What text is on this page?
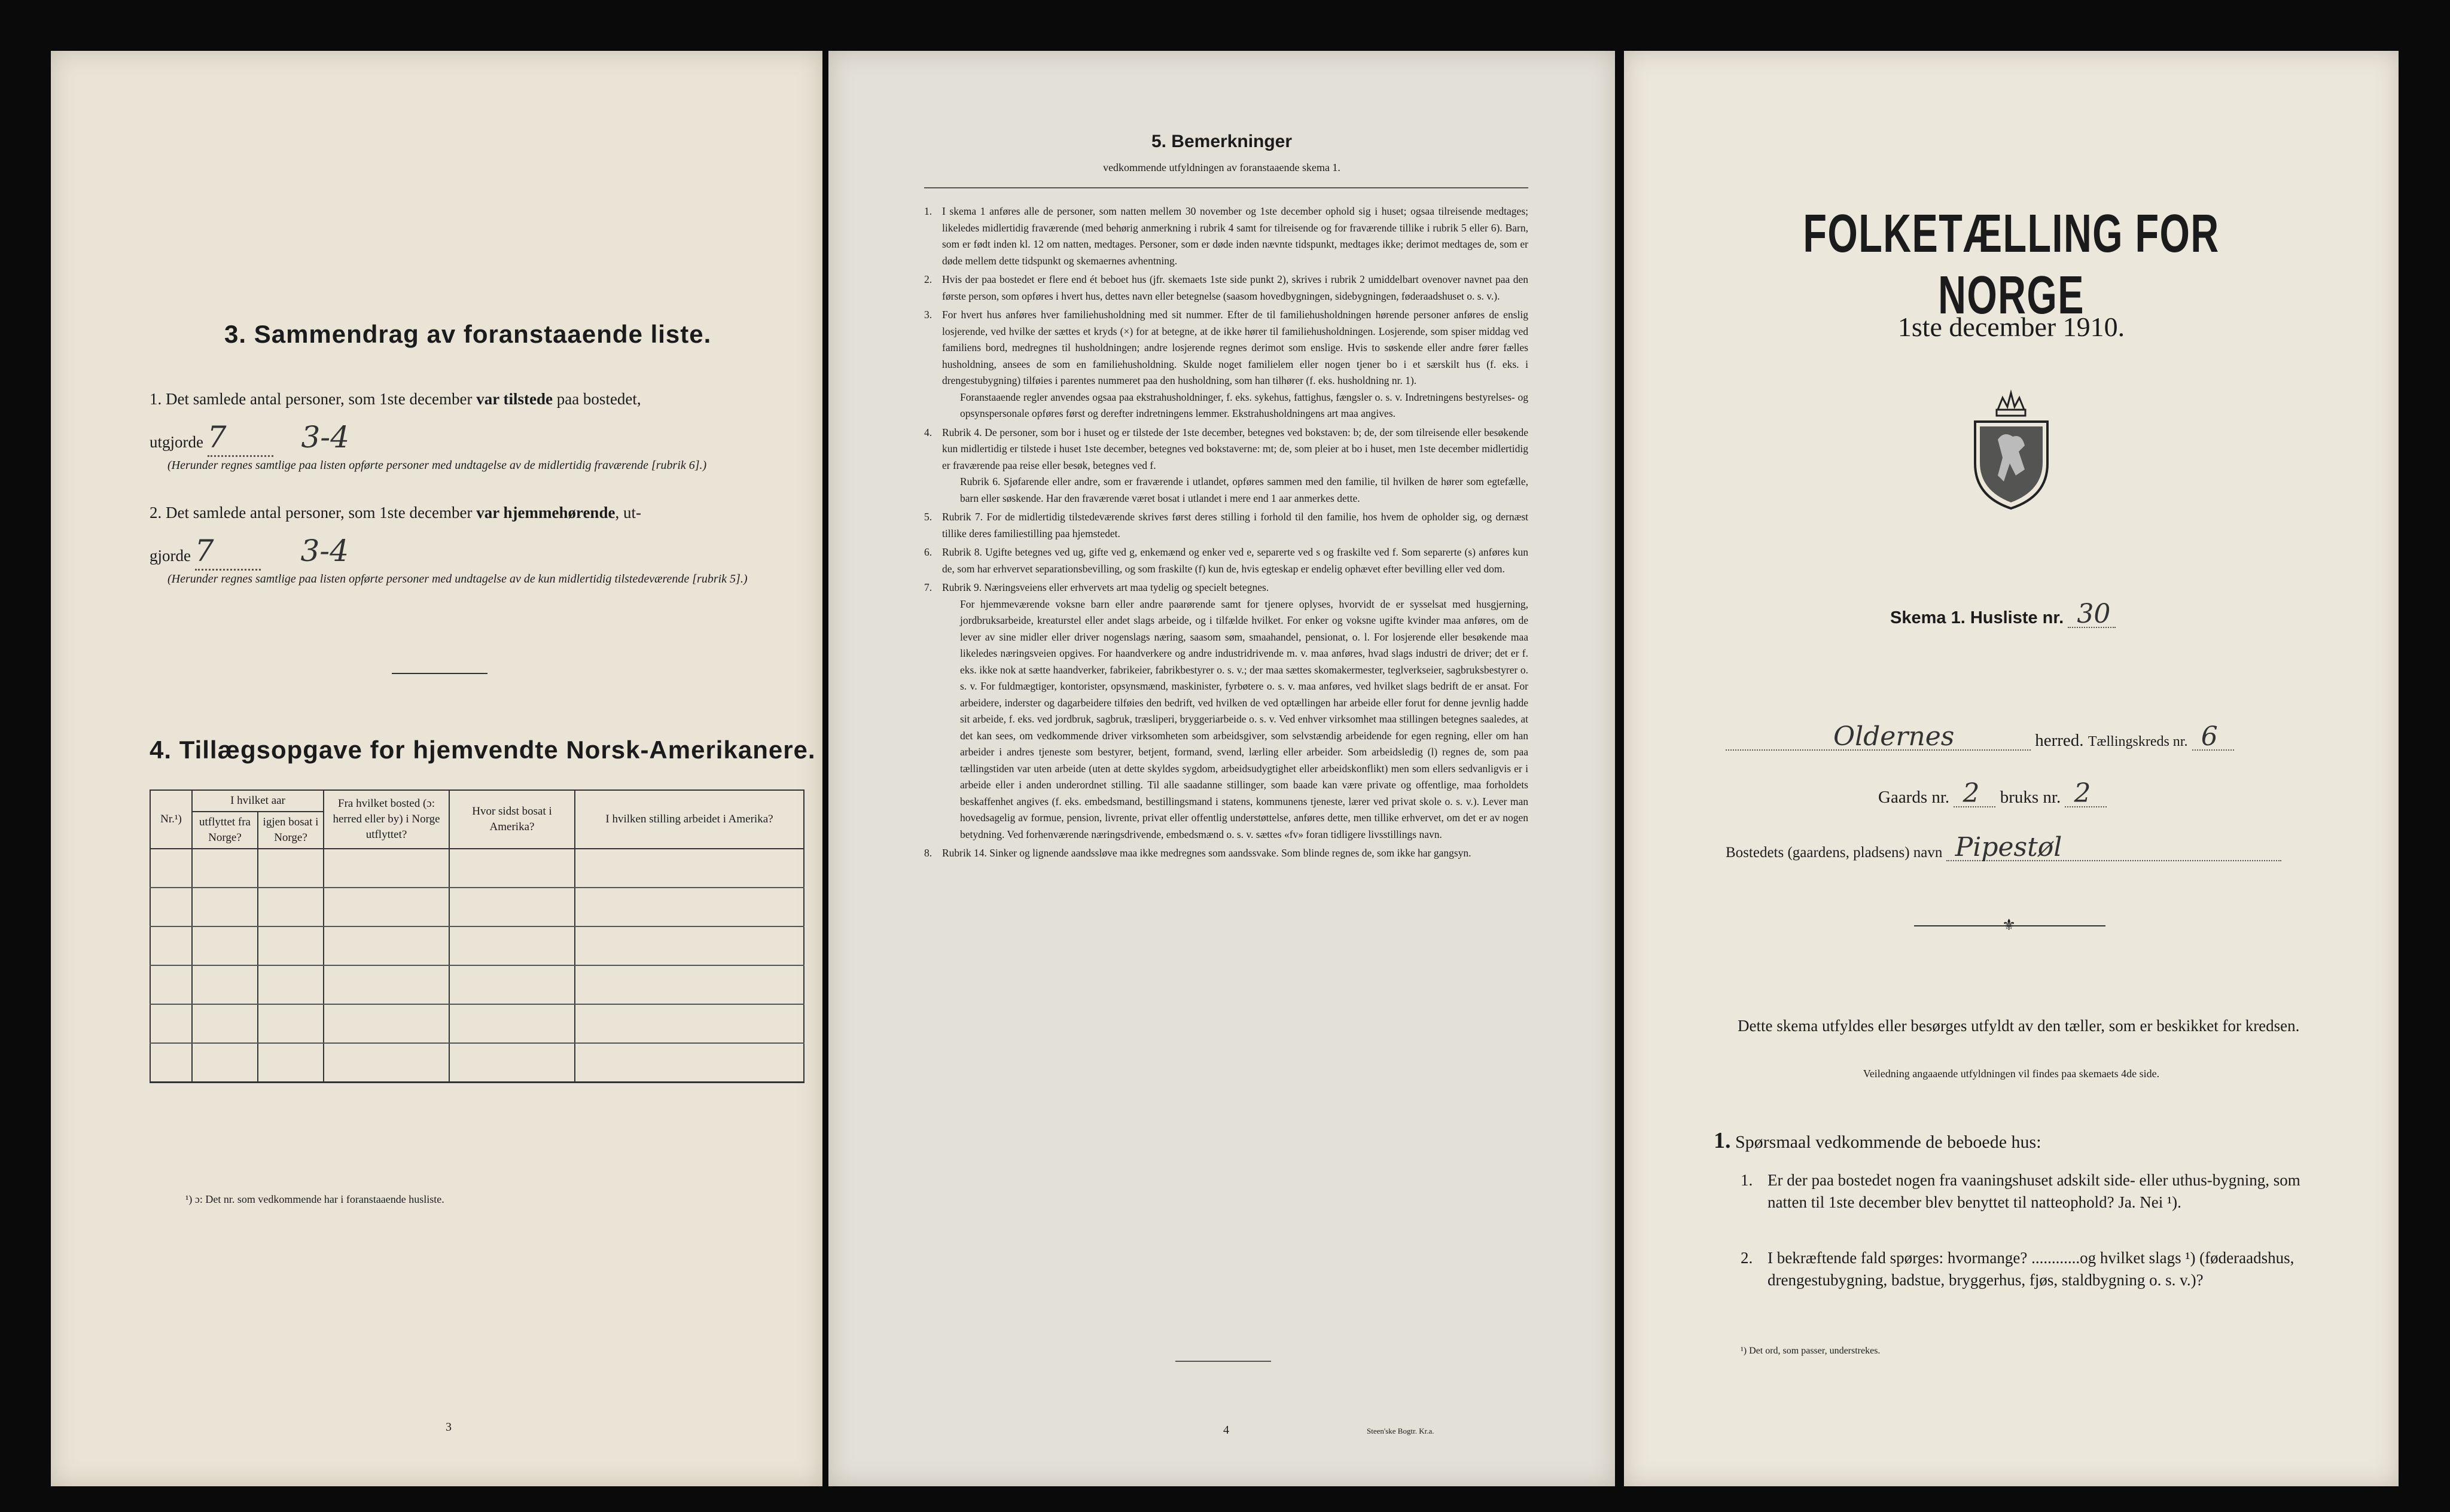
3. Sammendrag av foranstaaende liste.
1. Det samlede antal personer, som 1ste december var tilstede paa bostedet,
utgjorde 7 3-4
(Herunder regnes samtlige paa listen opførte personer med undtagelse av de midlertidig fraværende [rubrik 6].)
2. Det samlede antal personer, som 1ste december var hjemmehørende, ut-
gjorde 7	3-4
(Herunder regnes samtlige paa listen opførte personer med undtagelse av de kun midlertidig tilstedeværende [rubrik 5].)
4. Tillægsopgave for hjemvendte Norsk-Amerikanere.
Nr.¹)	I hvilket aar		Fra hvilket bosted (ɔ: herred eller by) i Norge utflyttet?	Hvor sidst bosat i Amerika?	I hvilken stilling arbeidet i Amerika?
	utflyttet fra Norge?	igjen bosat i Norge?			

¹) ɔ: Det nr. som vedkommende har i foranstaaende husliste.
3
5. Bemerkninger
vedkommende utfyldningen av foranstaaende skema 1.
1. I skema 1 anføres alle de personer, som natten mellem 30 november og 1ste december ophold sig i huset; ogsaa tilreisende medtages; likeledes midlertidig fraværende (med behørig anmerkning i rubrik 4 samt for tilreisende og for fraværende tillike i rubrik 5 eller 6). Barn, som er født inden kl. 12 om natten, medtages. Personer, som er døde inden nævnte tidspunkt, medtages ikke; derimot medtages de, som er døde mellem dette tidspunkt og skemaernes avhentning.
2. Hvis der paa bostedet er flere end ét beboet hus (jfr. skemaets 1ste side punkt 2), skrives i rubrik 2 umiddelbart ovenover navnet paa den første person, som opføres i hvert hus, dettes navn eller betegnelse (saasom hovedbygningen, sidebygningen, føderaadshuset o. s. v.).
3. For hvert hus anføres hver familiehusholdning med sit nummer. Efter de til familiehusholdningen hørende personer anføres de enslig losjerende, ved hvilke der sættes et kryds (×) for at betegne, at de ikke hører til familiehusholdningen. Losjerende, som spiser middag ved familiens bord, medregnes til husholdningen; andre losjerende regnes derimot som enslige. Hvis to søskende eller andre fører fælles husholdning, ansees de som en familiehusholdning. Skulde noget familielem eller nogen tjener bo i et særskilt hus (f. eks. i drengestubygning) tilføies i parentes nummeret paa den husholdning, som han tilhører (f. eks. husholdning nr. 1).
Foranstaaende regler anvendes ogsaa paa ekstrahusholdninger, f. eks. sykehus, fattighus, fængsler o. s. v. Indretningens bestyrelses- og opsynspersonale opføres først og derefter indretningens lemmer. Ekstrahusholdningens art maa angives.
4. Rubrik 4. De personer, som bor i huset og er tilstede der 1ste december, betegnes ved bokstaven: b; de, der som tilreisende eller besøkende kun midlertidig er tilstede i huset 1ste december, betegnes ved bokstaverne: mt; de, som pleier at bo i huset, men 1ste december midlertidig er fraværende paa reise eller besøk, betegnes ved f.
Rubrik 6. Sjøfarende eller andre, som er fraværende i utlandet, opføres sammen med den familie, til hvilken de hører som egtefælle, barn eller søskende. Har den fraværende været bosat i utlandet i mere end 1 aar anmerkes dette.
5. Rubrik 7. For de midlertidig tilstedeværende skrives først deres stilling i forhold til den familie, hos hvem de opholder sig, og dernæst tillike deres familiestilling paa hjemstedet.
6. Rubrik 8. Ugifte betegnes ved ug, gifte ved g, enkemænd og enker ved e, separerte ved s og fraskilte ved f. Som separerte (s) anføres kun de, som har erhvervet separationsbevilling, og som fraskilte (f) kun de, hvis egteskap er endelig ophævet efter bevilling eller ved dom.
7. Rubrik 9. Næringsveiens eller erhvervets art maa tydelig og specielt betegnes.
For hjemmeværende voksne barn eller andre paarørende samt for tjenere oplyses, hvorvidt de er sysselsat med husgjerning, jordbruksarbeide, kreaturstel eller andet slags arbeide, og i tilfælde hvilket. For enker og voksne ugifte kvinder maa anføres, om de lever av sine midler eller driver nogenslags næring, saasom søm, smaahandel, pensionat, o. l. For losjerende eller besøkende maa likeledes næringsveien opgives. For haandverkere og andre industridrivende m. v. maa anføres, hvad slags industri de driver; det er f. eks. ikke nok at sætte haandverker, fabrikeier, fabrikbestyrer o. s. v.; der maa sættes skomakermester, teglverkseier, sagbruksbestyrer o. s. v. For fuldmægtiger, kontorister, opsynsmænd, maskinister, fyrbøtere o. s. v. maa anføres, ved hvilket slags bedrift de er ansat. For arbeidere, inderster og dagarbeidere tilføies den bedrift, ved hvilken de ved optællingen har arbeide eller forut for denne jevnlig hadde sit arbeide, f. eks. ved jordbruk, sagbruk, træsliperi, bryggeriarbeide o. s. v. Ved enhver virksomhet maa stillingen betegnes saaledes, at det kan sees, om vedkommende driver virksomheten som arbeidsgiver, som selvstændig arbeidende for egen regning, eller om han arbeider i andres tjeneste som bestyrer, betjent, formand, svend, lærling eller arbeider. Som arbeidsledig (l) regnes de, som paa tællingstiden var uten arbeide (uten at dette skyldes sygdom, arbeidsudygtighet eller arbeidskonflikt) men som ellers sedvanligvis er i arbeide eller i anden underordnet stilling. Til alle saadanne stillinger, som baade kan være private og offentlige, maa forholdets beskaffenhet angives (f. eks. embedsmand, bestillingsmand i statens, kommunens tjeneste, lærer ved privat skole o. s. v.). Lever man hovedsagelig av formue, pension, livrente, privat eller offentlig understøttelse, anføres dette, men tillike erhvervet, om det er av nogen betydning. Ved forhenværende næringsdrivende, embedsmænd o. s. v. sættes «fv» foran tidligere livsstillings navn.
8. Rubrik 14. Sinker og lignende aandssløve maa ikke medregnes som aandssvake. Som blinde regnes de, som ikke har gangsyn.
4	Steen'ske Bogtr. Kr.a.
FOLKETÆLLING FOR NORGE
1ste december 1910.
Skema 1. Husliste nr. 30
Oldernes	herred. Tællingskreds nr. 6
Gaards nr. 2 bruks nr. 2
Bostedets (gaardens, pladsens) navn Pipestøl
⚜
Dette skema utfyldes eller besørges utfyldt av den tæller, som er beskikket for kredsen.
Veiledning angaaende utfyldningen vil findes paa skemaets 4de side.
1. Spørsmaal vedkommende de beboede hus:
1. Er der paa bostedet nogen fra vaaningshuset adskilt side- eller uthus-bygning, som natten til 1ste december blev benyttet til natteophold? Ja. Nei ¹).
2. I bekræftende fald spørges: hvormange? ............og hvilket slags ¹) (føderaadshus, drengestubygning, badstue, bryggerhus, fjøs, staldbygning o. s. v.)?
¹) Det ord, som passer, understrekes.
